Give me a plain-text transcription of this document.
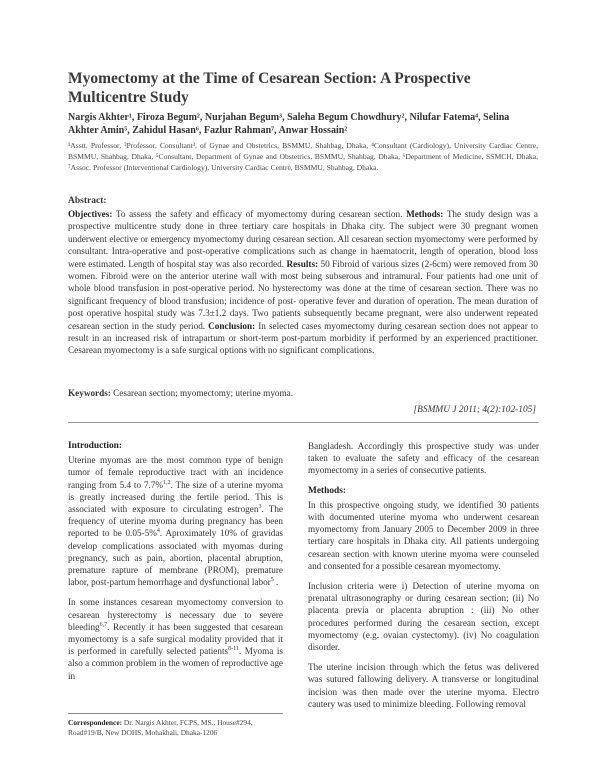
Myomectomy at the Time of Cesarean Section: A Prospective Multicentre Study

Nargis Akhter¹, Firoza Begum², Nurjahan Begum³, Saleha Begum Chowdhury², Nilufar Fatema⁴, Selina Akhter Amin⁵, Zahidul Hasan⁶, Fazlur Rahman⁷, Anwar Hossain²

¹Asstt. Professor, ²Professor, Consultant³, of Gynae and Obstetrics, BSMMU, Shahbag, Dhaka, ⁴Consultant (Cardiology), University Cardiac Centre, BSMMU, Shahbag, Dhaka, ⁵Consultant, Department of Gynae and Obstetrics, BSMMU, Shahbag, Dhaka, ⁶Department of Medicine, SSMCH, Dhaka, ⁷Assoc. Professor (Interventional Cardiology), University Cardiac Centre, BSMMU, Shahbag, Dhaka.

Abstract:

Objectives: To assess the safety and efficacy of myomectomy during cesarean section. Methods: The study design was a prospective multicentre study done in three tertiary care hospitals in Dhaka city. The subject were 30 pregnant women underwent elective or emergency myomectomy during cesarean section. All cesarean section myomectomy were performed by consultant. Intra-operative and post-operative complications such as change in haematocrit, length of operation, blood loss were estimated. Length of hospital stay was also recorded. Results: 50 Fibroid of various sizes (2-6cm) were removed from 30 women. Fibroid were on the anterior uterine wall with most being subserous and intramural. Four patients had one unit of whole blood transfusion in post-operative period. No hysterectomy was done at the time of cesarean section. There was no significant frequency of blood transfusion; incidence of post- operative fever and duration of operation. The mean duration of post operative hospital study was 7.3±1.2 days. Two patients subsequently became pregnant, were also underwent repeated cesarean section in the study period. Conclusion: In selected cases myomectomy during cesarean section does not appear to result in an increased risk of intrapartum or short-term post-partum morbidity if performed by an experienced practitioner. Cesarean myomectomy is a safe surgical options with no significant complications.

Keywords: Cesarean section; myomectomy; uterine myoma.

[BSMMU J 2011; 4(2):102-105]

Introduction:

Uterine myomas are the most common type of benign tumor of female reproductive tract with an incidence ranging from 5.4 to 7.7%$^{1,2}$. The size of a uterine myoma is greatly increased during the fertile period. This is associated with exposure to circulating estrogen$^3$. The frequency of uterine myoma during pregnancy has been reported to be 0.05-5%$^4$. Aproximately 10% of gravidas develop complications associated with myomas during pregnancy, such as pain, abortion, placental abruption, premature rapture of membrane (PROM), premature labor, post-partum hemorrhage and dysfunctional labor$^5$ .

In some instances cesarean myomectomy conversion to cesarean hysterectomy is necessary due to severe bleeding$^{6,7}$. Recently it has been suggested that cesarean myomectomy is a safe surgical modality provided that it is performed in carefully selected patients$^{8-11}$. Myoma is also a common problem in the women of reproductive age in

Bangladesh. Accordingly this prospective study was under taken to evaluate the safety and efficacy of the cesarean myomectomy in a series of consecutive patients.

Methods:

In this prospective ongoing study, we identified 30 patients with documented uterine myoma who underwent cesarean myomectomy from January 2005 to December 2009 in three tertiary care hospitals in Dhaka city. All patients undergoing cesarean section with known uterine myoma were counseled and consented for a possible cesarean myomectomy.

Inclusion criteria were i) Detection of uterine myoma on prenatal ultrasonography or during cesarean section; (ii) No placenta previa or placenta abruption : (iii) No other procedures performed during the cesarean section, except myomectomy (e.g. ovaian cystectomy). (iv) No coagulation disorder.

The uterine incision through which the fetus was delivered was sutured fallowing delivery. A transverse or longitudinal incision was then made over the uterine myoma. Electro cautery was used to minimize bleeding. Following removal

Correspondence: Dr. Nargis Akhter, FCPS, MS., House#294, Road#19/B, New DOHS, Mohakhali, Dhaka-1206
